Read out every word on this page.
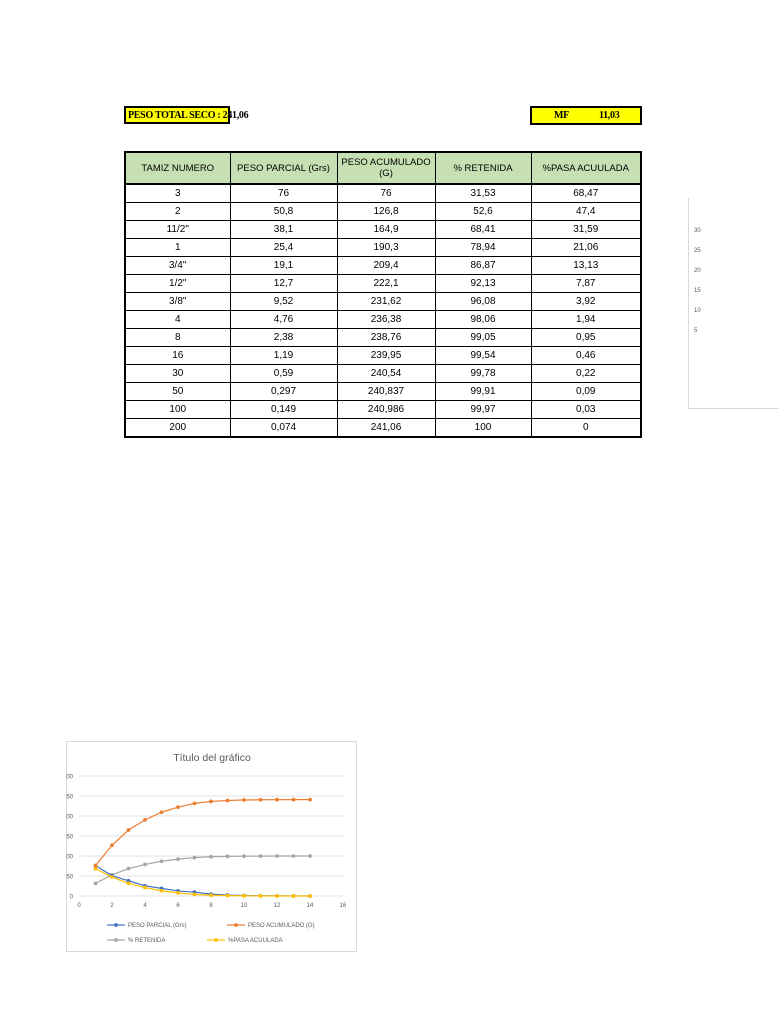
PESO TOTAL SECO : 241,06	MF	11,03
TAMIZ NUMERO	PESO PARCIAL (Grs)	PESO ACUMULADO (G)	% RETENIDA	%PASA ACUULADA
3	76	76	31,53	68,47
2	50,8	126,8	52,6	47,4
11/2"	38,1	164,9	68,41	31,59
1	25,4	190,3	78,94	21,06
3/4''	19,1	209,4	86,87	13,13
1/2"	12,7	222,1	92,13	7,87
3/8"	9,52	231,62	96,08	3,92
4	4,76	236,38	98,06	1,94
8	2,38	238,76	99,05	0,95
16	1,19	239,95	99,54	0,46
30	0,59	240,54	99,78	0,22
50	0,297	240,837	99,91	0,09
100	0,149	240,986	99,97	0,03
200	0,074	241,06	100	0
30
25
20
15
10
5
Título del gráfico
0
50
00
50
00
50
00
0	2	4	6	8	10	12	14	16
PESO PARCIAL (Grs)	PESO ACUMULADO (G)
% RETENIDA	%PASA ACUULADA
